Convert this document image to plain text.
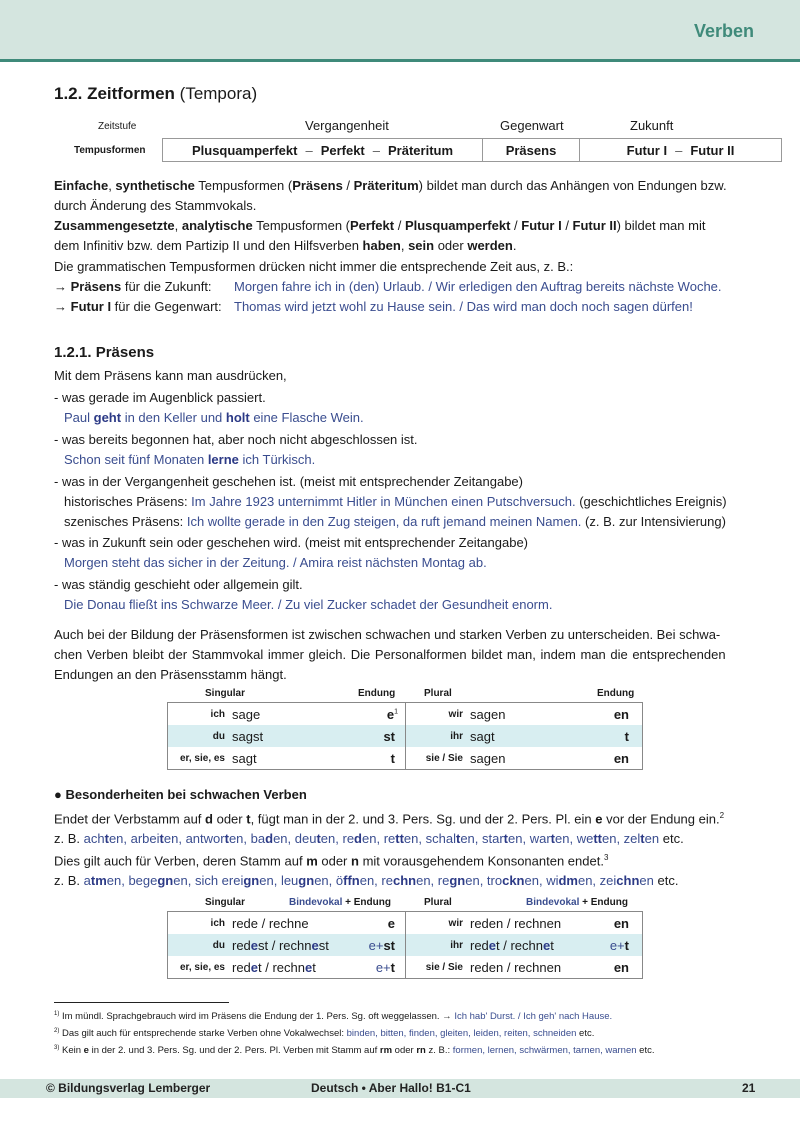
Verben
1.2. Zeitformen (Tempora)
Zeitstufe	Vergangenheit	Gegenwart	Zukunft
Tempusformen	Plusquamperfekt – Perfekt – Präteritum	Präsens	Futur I – Futur II
Einfache, synthetische Tempusformen (Präsens / Präteritum) bildet man durch das Anhängen von Endungen bzw.
durch Änderung des Stammvokals.
Zusammengesetzte, analytische Tempusformen (Perfekt / Plusquamperfekt / Futur I / Futur II) bildet man mit
dem Infinitiv bzw. dem Partizip II und den Hilfsverben haben, sein oder werden.
Die grammatischen Tempusformen drücken nicht immer die entsprechende Zeit aus, z. B.:
→ Präsens für die Zukunft: Morgen fahre ich in (den) Urlaub. / Wir erledigen den Auftrag bereits nächste Woche.
→ Futur I für die Gegenwart: Thomas wird jetzt wohl zu Hause sein. / Das wird man doch noch sagen dürfen!
1.2.1. Präsens
Mit dem Präsens kann man ausdrücken,
- was gerade im Augenblick passiert.
Paul geht in den Keller und holt eine Flasche Wein.
- was bereits begonnen hat, aber noch nicht abgeschlossen ist.
Schon seit fünf Monaten lerne ich Türkisch.
- was in der Vergangenheit geschehen ist. (meist mit entsprechender Zeitangabe)
historisches Präsens: Im Jahre 1923 unternimmt Hitler in München einen Putschversuch. (geschichtliches Ereignis)
szenisches Präsens: Ich wollte gerade in den Zug steigen, da ruft jemand meinen Namen. (z. B. zur Intensivierung)
- was in Zukunft sein oder geschehen wird. (meist mit entsprechender Zeitangabe)
Morgen steht das sicher in der Zeitung. / Amira reist nächsten Montag ab.
- was ständig geschieht oder allgemein gilt.
Die Donau fließt ins Schwarze Meer. / Zu viel Zucker schadet der Gesundheit enorm.
Auch bei der Bildung der Präsensformen ist zwischen schwachen und starken Verben zu unterscheiden. Bei schwa-
chen Verben bleibt der Stammvokal immer gleich. Die Personalformen bildet man, indem man die entsprechenden
Endungen an den Präsensstamm hängt.
Singular	Endung	Plural	Endung
ich sage	$e^1$	wir sagen	en
du sagst	st	ihr sagt	t
er, sie, es sagt	t	sie / Sie sagen	en
● Besonderheiten bei schwachen Verben
Endet der Verbstamm auf d oder t, fügt man in der 2. und 3. Pers. Sg. und der 2. Pers. Pl. ein e vor der Endung ein.$^2$
z. B. achten, arbeiten, antworten, baden, deuten, reden, retten, schalten, starten, warten, wetten, zelten etc.
Dies gilt auch für Verben, deren Stamm auf m oder n mit vorausgehendem Konsonanten endet.$^3$
z. B. atmen, begegnen, sich ereignen, leugnen, öffnen, rechnen, regnen, trocknen, widmen, zeichnen etc.
Singular	Bindevokal + Endung	Plural	Bindevokal + Endung
ich rede / rechne	e	wir reden / rechnen	en
du redest / rechnest	e+st	ihr redet / rechnet	e+t
er, sie, es redet / rechnet	e+t	sie / Sie reden / rechnen	en
$^{1)}$ Im mündl. Sprachgebrauch wird im Präsens die Endung der 1. Pers. Sg. oft weggelassen. → Ich hab' Durst. / Ich geh' nach Hause.
$^{2)}$ Das gilt auch für entsprechende starke Verben ohne Vokalwechsel: binden, bitten, finden, gleiten, leiden, reiten, schneiden etc.
$^{3)}$ Kein e in der 2. und 3. Pers. Sg. und der 2. Pers. Pl. Verben mit Stamm auf rm oder rn z. B.: formen, lernen, schwärmen, tarnen, warnen etc.
© Bildungsverlag Lemberger	Deutsch • Aber Hallo! B1-C1	21
